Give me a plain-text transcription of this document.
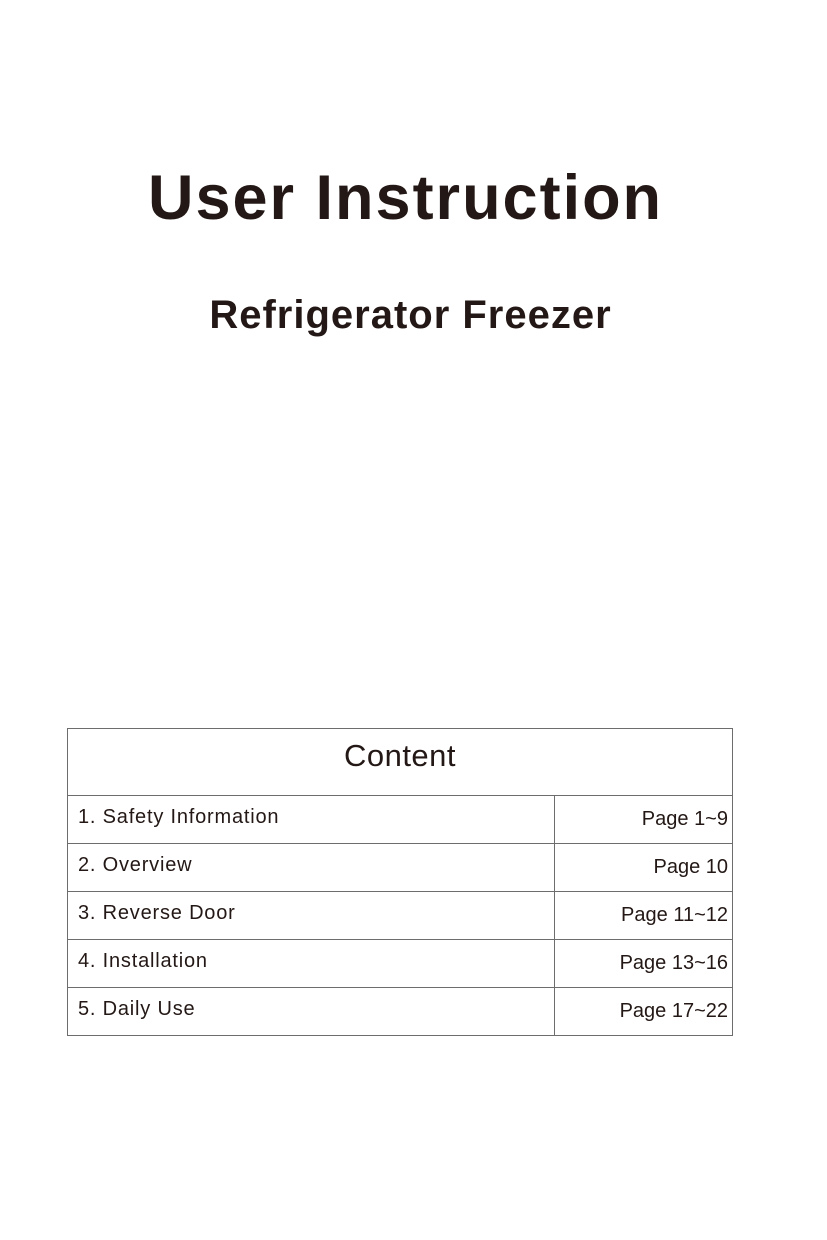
User Instruction
Refrigerator Freezer
Content
1. Safety Information	Page 1~9
2. Overview	Page 10
3. Reverse Door	Page 11~12
4. Installation	Page 13~16
5. Daily Use	Page 17~22
